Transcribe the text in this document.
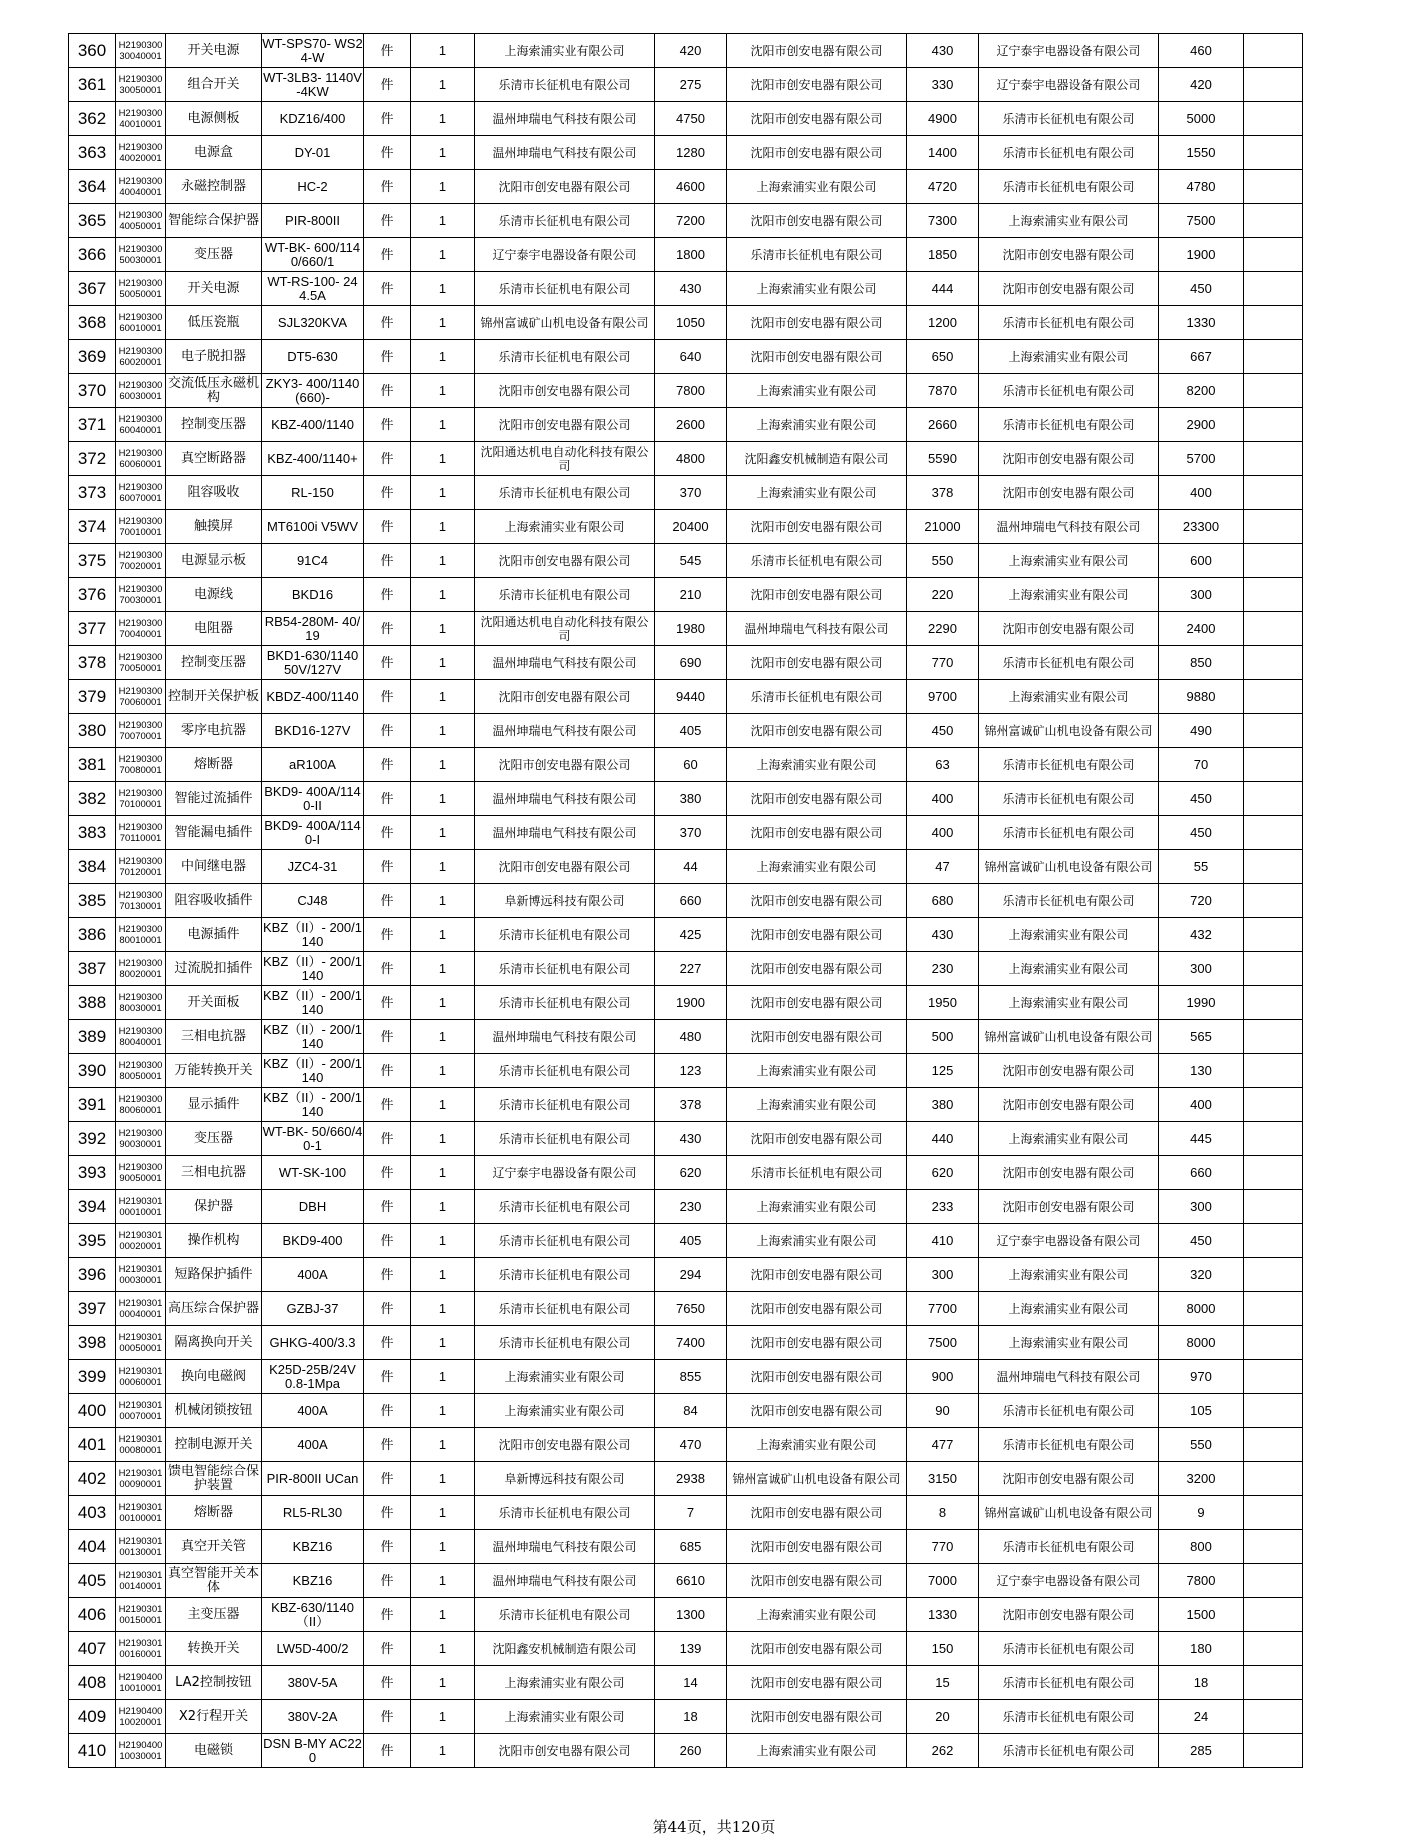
360	H2190300 30040001	开关电源	WT-SPS70- WS24-W	件	1	上海索浦实业有限公司	420	沈阳市创安电器有限公司	430	辽宁泰宇电器设备有限公司	460	
361	H2190300 30050001	组合开关	WT-3LB3- 1140V-4KW	件	1	乐清市长征机电有限公司	275	沈阳市创安电器有限公司	330	辽宁泰宇电器设备有限公司	420	
362	H2190300 40010001	电源侧板	KDZ16/400	件	1	温州坤瑞电气科技有限公司	4750	沈阳市创安电器有限公司	4900	乐清市长征机电有限公司	5000	
363	H2190300 40020001	电源盒	DY-01	件	1	温州坤瑞电气科技有限公司	1280	沈阳市创安电器有限公司	1400	乐清市长征机电有限公司	1550	
364	H2190300 40040001	永磁控制器	HC-2	件	1	沈阳市创安电器有限公司	4600	上海索浦实业有限公司	4720	乐清市长征机电有限公司	4780	
365	H2190300 40050001	智能综合保护器	PIR-800II	件	1	乐清市长征机电有限公司	7200	沈阳市创安电器有限公司	7300	上海索浦实业有限公司	7500	
366	H2190300 50030001	变压器	WT-BK- 600/1140/660/1	件	1	辽宁泰宇电器设备有限公司	1800	乐清市长征机电有限公司	1850	沈阳市创安电器有限公司	1900	
367	H2190300 50050001	开关电源	WT-RS-100- 244.5A	件	1	乐清市长征机电有限公司	430	上海索浦实业有限公司	444	沈阳市创安电器有限公司	450	
368	H2190300 60010001	低压瓷瓶	SJL320KVA	件	1	锦州富诚矿山机电设备有限公司	1050	沈阳市创安电器有限公司	1200	乐清市长征机电有限公司	1330	
369	H2190300 60020001	电子脱扣器	DT5-630	件	1	乐清市长征机电有限公司	640	沈阳市创安电器有限公司	650	上海索浦实业有限公司	667	
370	H2190300 60030001	交流低压永磁机构	ZKY3- 400/1140(660)-	件	1	沈阳市创安电器有限公司	7800	上海索浦实业有限公司	7870	乐清市长征机电有限公司	8200	
371	H2190300 60040001	控制变压器	KBZ-400/1140	件	1	沈阳市创安电器有限公司	2600	上海索浦实业有限公司	2660	乐清市长征机电有限公司	2900	
372	H2190300 60060001	真空断路器	KBZ-400/1140+	件	1	沈阳通达机电自动化科技有限公司	4800	沈阳鑫安机械制造有限公司	5590	沈阳市创安电器有限公司	5700	
373	H2190300 60070001	阻容吸收	RL-150	件	1	乐清市长征机电有限公司	370	上海索浦实业有限公司	378	沈阳市创安电器有限公司	400	
374	H2190300 70010001	触摸屏	MT6100i V5WV	件	1	上海索浦实业有限公司	20400	沈阳市创安电器有限公司	21000	温州坤瑞电气科技有限公司	23300	
375	H2190300 70020001	电源显示板	91C4	件	1	沈阳市创安电器有限公司	545	乐清市长征机电有限公司	550	上海索浦实业有限公司	600	
376	H2190300 70030001	电源线	BKD16	件	1	乐清市长征机电有限公司	210	沈阳市创安电器有限公司	220	上海索浦实业有限公司	300	
377	H2190300 70040001	电阻器	RB54-280M- 40/19	件	1	沈阳通达机电自动化科技有限公司	1980	温州坤瑞电气科技有限公司	2290	沈阳市创安电器有限公司	2400	
378	H2190300 70050001	控制变压器	BKD1-630/1140 50V/127V	件	1	温州坤瑞电气科技有限公司	690	沈阳市创安电器有限公司	770	乐清市长征机电有限公司	850	
379	H2190300 70060001	控制开关保护板	KBDZ-400/1140	件	1	沈阳市创安电器有限公司	9440	乐清市长征机电有限公司	9700	上海索浦实业有限公司	9880	
380	H2190300 70070001	零序电抗器	BKD16-127V	件	1	温州坤瑞电气科技有限公司	405	沈阳市创安电器有限公司	450	锦州富诚矿山机电设备有限公司	490	
381	H2190300 70080001	熔断器	aR100A	件	1	沈阳市创安电器有限公司	60	上海索浦实业有限公司	63	乐清市长征机电有限公司	70	
382	H2190300 70100001	智能过流插件	BKD9- 400A/1140-II	件	1	温州坤瑞电气科技有限公司	380	沈阳市创安电器有限公司	400	乐清市长征机电有限公司	450	
383	H2190300 70110001	智能漏电插件	BKD9- 400A/1140-I	件	1	温州坤瑞电气科技有限公司	370	沈阳市创安电器有限公司	400	乐清市长征机电有限公司	450	
384	H2190300 70120001	中间继电器	JZC4-31	件	1	沈阳市创安电器有限公司	44	上海索浦实业有限公司	47	锦州富诚矿山机电设备有限公司	55	
385	H2190300 70130001	阻容吸收插件	CJ48	件	1	阜新博远科技有限公司	660	沈阳市创安电器有限公司	680	乐清市长征机电有限公司	720	
386	H2190300 80010001	电源插件	KBZ（II）- 200/1140	件	1	乐清市长征机电有限公司	425	沈阳市创安电器有限公司	430	上海索浦实业有限公司	432	
387	H2190300 80020001	过流脱扣插件	KBZ（II）- 200/1140	件	1	乐清市长征机电有限公司	227	沈阳市创安电器有限公司	230	上海索浦实业有限公司	300	
388	H2190300 80030001	开关面板	KBZ（II）- 200/1140	件	1	乐清市长征机电有限公司	1900	沈阳市创安电器有限公司	1950	上海索浦实业有限公司	1990	
389	H2190300 80040001	三相电抗器	KBZ（II）- 200/1140	件	1	温州坤瑞电气科技有限公司	480	沈阳市创安电器有限公司	500	锦州富诚矿山机电设备有限公司	565	
390	H2190300 80050001	万能转换开关	KBZ（II）- 200/1140	件	1	乐清市长征机电有限公司	123	上海索浦实业有限公司	125	沈阳市创安电器有限公司	130	
391	H2190300 80060001	显示插件	KBZ（II）- 200/1140	件	1	乐清市长征机电有限公司	378	上海索浦实业有限公司	380	沈阳市创安电器有限公司	400	
392	H2190300 90030001	变压器	WT-BK- 50/660/40-1	件	1	乐清市长征机电有限公司	430	沈阳市创安电器有限公司	440	上海索浦实业有限公司	445	
393	H2190300 90050001	三相电抗器	WT-SK-100	件	1	辽宁泰宇电器设备有限公司	620	乐清市长征机电有限公司	620	沈阳市创安电器有限公司	660	
394	H2190301 00010001	保护器	DBH	件	1	乐清市长征机电有限公司	230	上海索浦实业有限公司	233	沈阳市创安电器有限公司	300	
395	H2190301 00020001	操作机构	BKD9-400	件	1	乐清市长征机电有限公司	405	上海索浦实业有限公司	410	辽宁泰宇电器设备有限公司	450	
396	H2190301 00030001	短路保护插件	400A	件	1	乐清市长征机电有限公司	294	沈阳市创安电器有限公司	300	上海索浦实业有限公司	320	
397	H2190301 00040001	高压综合保护器	GZBJ-37	件	1	乐清市长征机电有限公司	7650	沈阳市创安电器有限公司	7700	上海索浦实业有限公司	8000	
398	H2190301 00050001	隔离换向开关	GHKG-400/3.3	件	1	乐清市长征机电有限公司	7400	沈阳市创安电器有限公司	7500	上海索浦实业有限公司	8000	
399	H2190301 00060001	换向电磁阀	K25D-25B/24V 0.8-1Mpa	件	1	上海索浦实业有限公司	855	沈阳市创安电器有限公司	900	温州坤瑞电气科技有限公司	970	
400	H2190301 00070001	机械闭锁按钮	400A	件	1	上海索浦实业有限公司	84	沈阳市创安电器有限公司	90	乐清市长征机电有限公司	105	
401	H2190301 00080001	控制电源开关	400A	件	1	沈阳市创安电器有限公司	470	上海索浦实业有限公司	477	乐清市长征机电有限公司	550	
402	H2190301 00090001	馈电智能综合保护装置	PIR-800II UCan	件	1	阜新博远科技有限公司	2938	锦州富诚矿山机电设备有限公司	3150	沈阳市创安电器有限公司	3200	
403	H2190301 00100001	熔断器	RL5-RL30	件	1	乐清市长征机电有限公司	7	沈阳市创安电器有限公司	8	锦州富诚矿山机电设备有限公司	9	
404	H2190301 00130001	真空开关管	KBZ16	件	1	温州坤瑞电气科技有限公司	685	沈阳市创安电器有限公司	770	乐清市长征机电有限公司	800	
405	H2190301 00140001	真空智能开关本体	KBZ16	件	1	温州坤瑞电气科技有限公司	6610	沈阳市创安电器有限公司	7000	辽宁泰宇电器设备有限公司	7800	
406	H2190301 00150001	主变压器	KBZ-630/1140 （II）	件	1	乐清市长征机电有限公司	1300	上海索浦实业有限公司	1330	沈阳市创安电器有限公司	1500	
407	H2190301 00160001	转换开关	LW5D-400/2	件	1	沈阳鑫安机械制造有限公司	139	沈阳市创安电器有限公司	150	乐清市长征机电有限公司	180	
408	H2190400 10010001	LA2控制按钮	380V-5A	件	1	上海索浦实业有限公司	14	沈阳市创安电器有限公司	15	乐清市长征机电有限公司	18	
409	H2190400 10020001	X2行程开关	380V-2A	件	1	上海索浦实业有限公司	18	沈阳市创安电器有限公司	20	乐清市长征机电有限公司	24	
410	H2190400 10030001	电磁锁	DSN B-MY AC220	件	1	沈阳市创安电器有限公司	260	上海索浦实业有限公司	262	乐清市长征机电有限公司	285	
第44页，共120页
